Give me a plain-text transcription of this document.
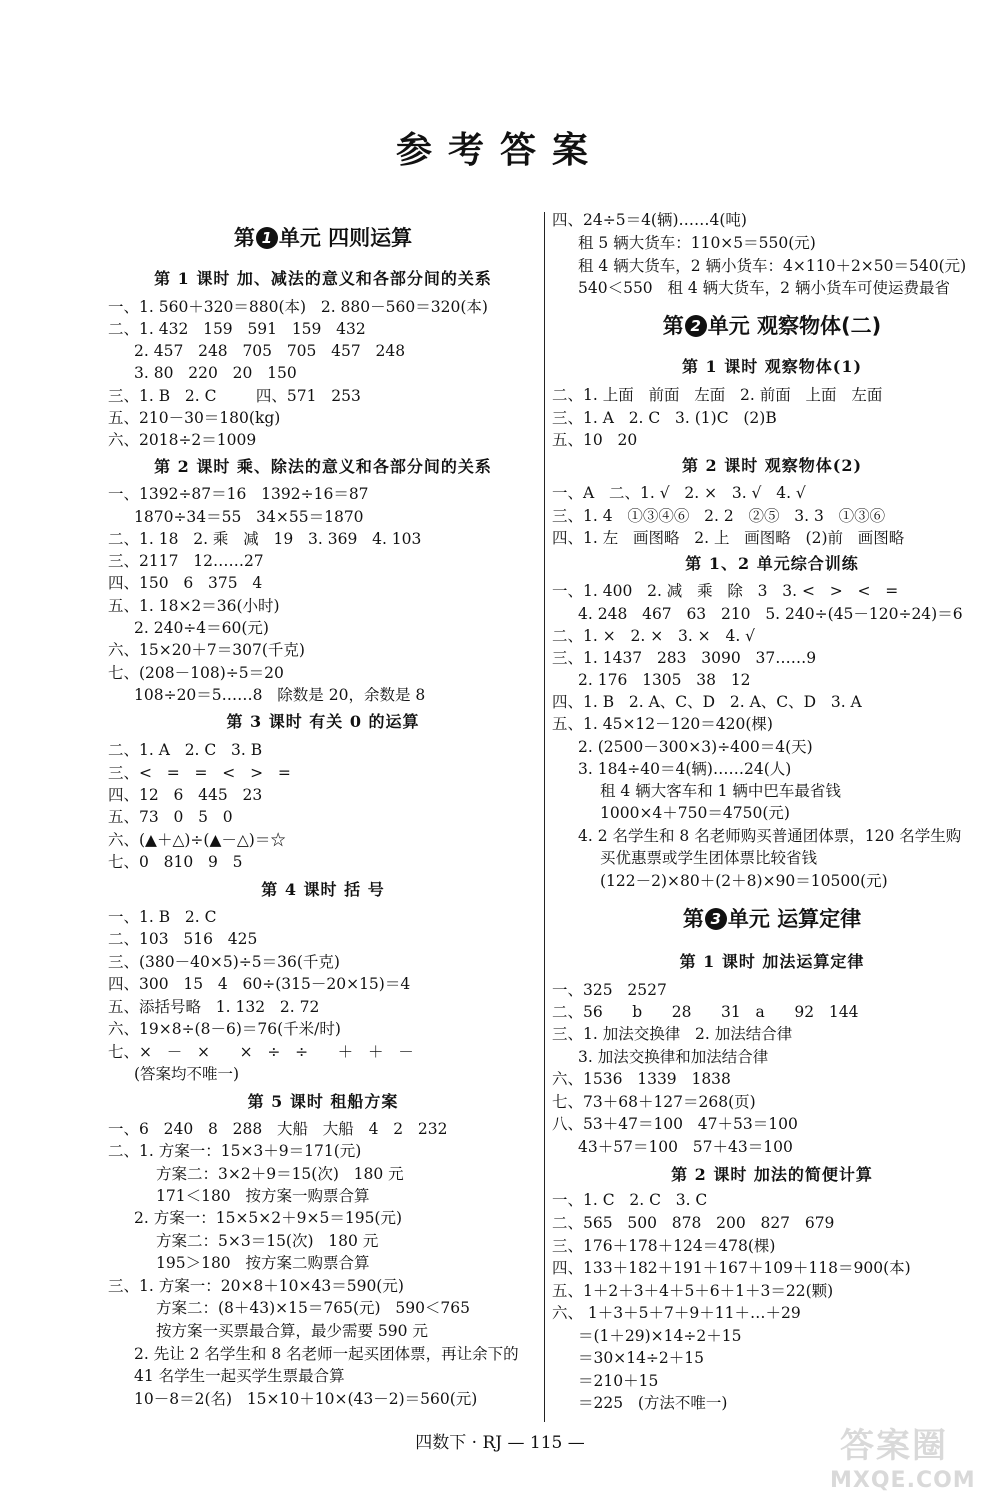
参考答案
第 1 单元 四则运算
第 1 课时 加、减法的意义和各部分间的关系
一、1. 560＋320＝880(本)   2. 880－560＝320(本)
二、1. 432   159   591   159   432
2. 457   248   705   705   457   248
3. 80   220   20   150
三、1. B   2. C        四、571   253
五、210－30＝180(kg)
六、2018÷2＝1009
第 2 课时 乘、除法的意义和各部分间的关系
一、1392÷87＝16   1392÷16＝87
1870÷34＝55   34×55＝1870
二、1. 18   2. 乘   减   19   3. 369   4. 103
三、2117   12……27
四、150   6   375   4
五、1. 18×2＝36(小时)
2. 240÷4＝60(元)
六、15×20＋7＝307(千克)
七、(208－108)÷5＝20
108÷20＝5……8   除数是 20，余数是 8
第 3 课时 有关 0 的运算
二、1. A   2. C   3. B
三、<   =   =   <   >   =
四、12   6   445   23
五、73   0   5   0
六、(▲＋△)÷(▲－△)＝☆
七、0   810   9   5
第 4 课时 括 号
一、1. B   2. C
二、103   516   425
三、(380－40×5)÷5＝36(千克)
四、300   15   4   60÷(315－20×15)＝4
五、添括号略   1. 132   2. 72
六、19×8÷(8－6)＝76(千米/时)
七、×   －   ×      ×   ÷   ÷      ＋   ＋   －
(答案均不唯一)
第 5 课时 租船方案
一、6   240   8   288   大船   大船   4   2   232
二、1. 方案一：15×3＋9＝171(元)
方案二：3×2＋9＝15(次)   180 元
171＜180   按方案一购票合算
2. 方案一：15×5×2＋9×5＝195(元)
方案二：5×3＝15(次)   180 元
195＞180   按方案二购票合算
三、1. 方案一：20×8＋10×43＝590(元)
方案二：(8＋43)×15＝765(元)   590＜765
按方案一买票最合算，最少需要 590 元
2. 先让 2 名学生和 8 名老师一起买团体票，再让余下的
41 名学生一起买学生票最合算
10－8＝2(名)   15×10＋10×(43－2)＝560(元)
四、24÷5＝4(辆)……4(吨)
租 5 辆大货车：110×5＝550(元)
租 4 辆大货车，2 辆小货车：4×110＋2×50＝540(元)
540＜550   租 4 辆大货车，2 辆小货车可使运费最省
第 2 单元 观察物体(二)
第 1 课时 观察物体(1)
二、1. 上面   前面   左面   2. 前面   上面   左面
三、1. A   2. C   3. (1)C   (2)B
五、10   20
第 2 课时 观察物体(2)
一、A   二、1. √   2. ×   3. √   4. √
三、1. 4   ①③④⑥   2. 2   ②⑤   3. 3   ①③⑥
四、1. 左   画图略   2. 上   画图略   (2)前   画图略
第 1、2 单元综合训练
一、1. 400   2. 减   乘   除   3   3. <   >   <   =
4. 248   467   63   210   5. 240÷(45－120÷24)＝6
二、1. ×   2. ×   3. ×   4. √
三、1. 1437   283   3090   37……9
2. 176   1305   38   12
四、1. B   2. A、C、D   2. A、C、D   3. A
五、1. 45×12－120＝420(棵)
2. (2500－300×3)÷400＝4(天)
3. 184÷40＝4(辆)……24(人)
租 4 辆大客车和 1 辆中巴车最省钱
1000×4＋750＝4750(元)
4. 2 名学生和 8 名老师购买普通团体票，120 名学生购
买优惠票或学生团体票比较省钱
(122－2)×80＋(2＋8)×90＝10500(元)
第 3 单元 运算定律
第 1 课时 加法运算定律
一、325   2527
二、56      b      28      31   a      92   144
三、1. 加法交换律   2. 加法结合律
3. 加法交换律和加法结合律
六、1536   1339   1838
七、73＋68＋127＝268(页)
八、53＋47＝100   47＋53＝100
43＋57＝100   57＋43＝100
第 2 课时 加法的简便计算
一、1. C   2. C   3. C
二、565   500   878   200   827   679
三、176＋178＋124＝478(棵)
四、133＋182＋191＋167＋109＋118＝900(本)
五、1＋2＋3＋4＋5＋6＋1＋3＝22(颗)
六、 1＋3＋5＋7＋9＋11＋…＋29
＝(1＋29)×14÷2＋15
＝30×14÷2＋15
＝210＋15
＝225   (方法不唯一)
四数下 · RJ — 115 —	答案圈
MXQE.COM
